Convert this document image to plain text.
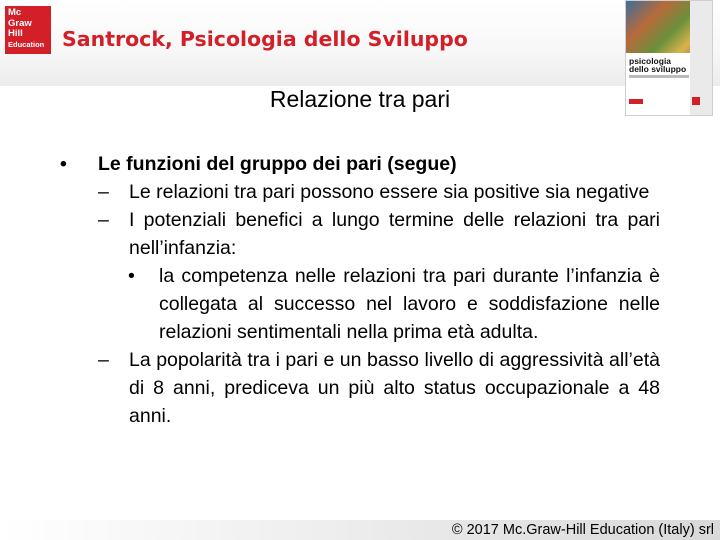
Mc
Graw
Hill
Education Santrock, Psicologia dello Sviluppo
psicologia
dello sviluppo
Relazione tra pari

• Le funzioni del gruppo dei pari (segue)

– Le relazioni tra pari possono essere sia positive sia negative

– I potenziali benefici a lungo termine delle relazioni tra pari nell’infanzia:

• la competenza nelle relazioni tra pari durante l’infanzia è collegata al successo nel lavoro e soddisfazione nelle relazioni sentimentali nella prima età adulta.

– La popolarità tra i pari e un basso livello di aggressività all’età di 8 anni, prediceva un più alto status occupazionale a 48 anni.

© 2017 Mc.Graw-Hill Education (Italy) srl
